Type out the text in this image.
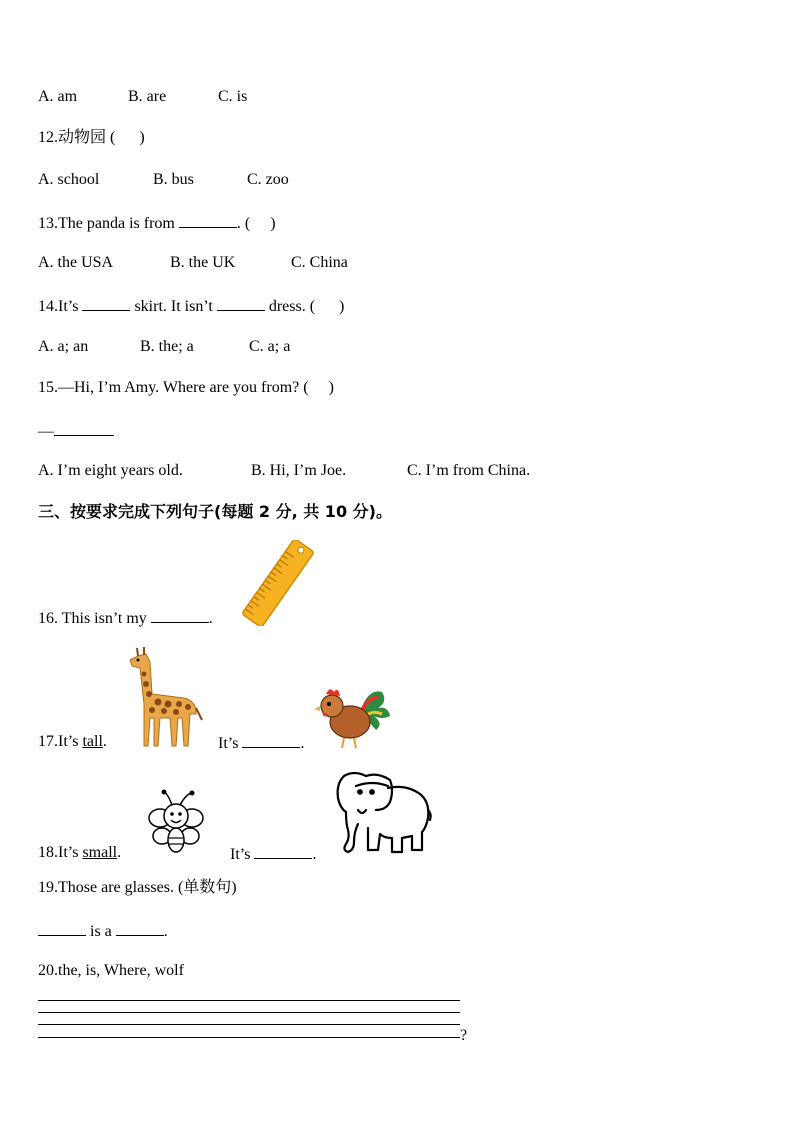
A. am	B. are	C. is
12.动物园 (      )
A. school	B. bus	C. zoo
13.The panda is from	. (     )
A. the USA	B. the UK	C. China
14.It’s	skirt. It isn’t	dress. (      )
A. a; an	B. the; a	C. a; a
15.—Hi, I’m Amy. Where are you from? (     )
—
A. I’m eight years old.	B. Hi, I’m Joe.	C. I’m from China.
三、按要求完成下列句子(每题 2 分, 共 10 分)。
16. This isn’t my	.
17.It’s tall.	It’s	.
18.It’s small.	It’s	.
19.Those are glasses. (单数句)
is a	.
20.the, is, Where, wolf
?
